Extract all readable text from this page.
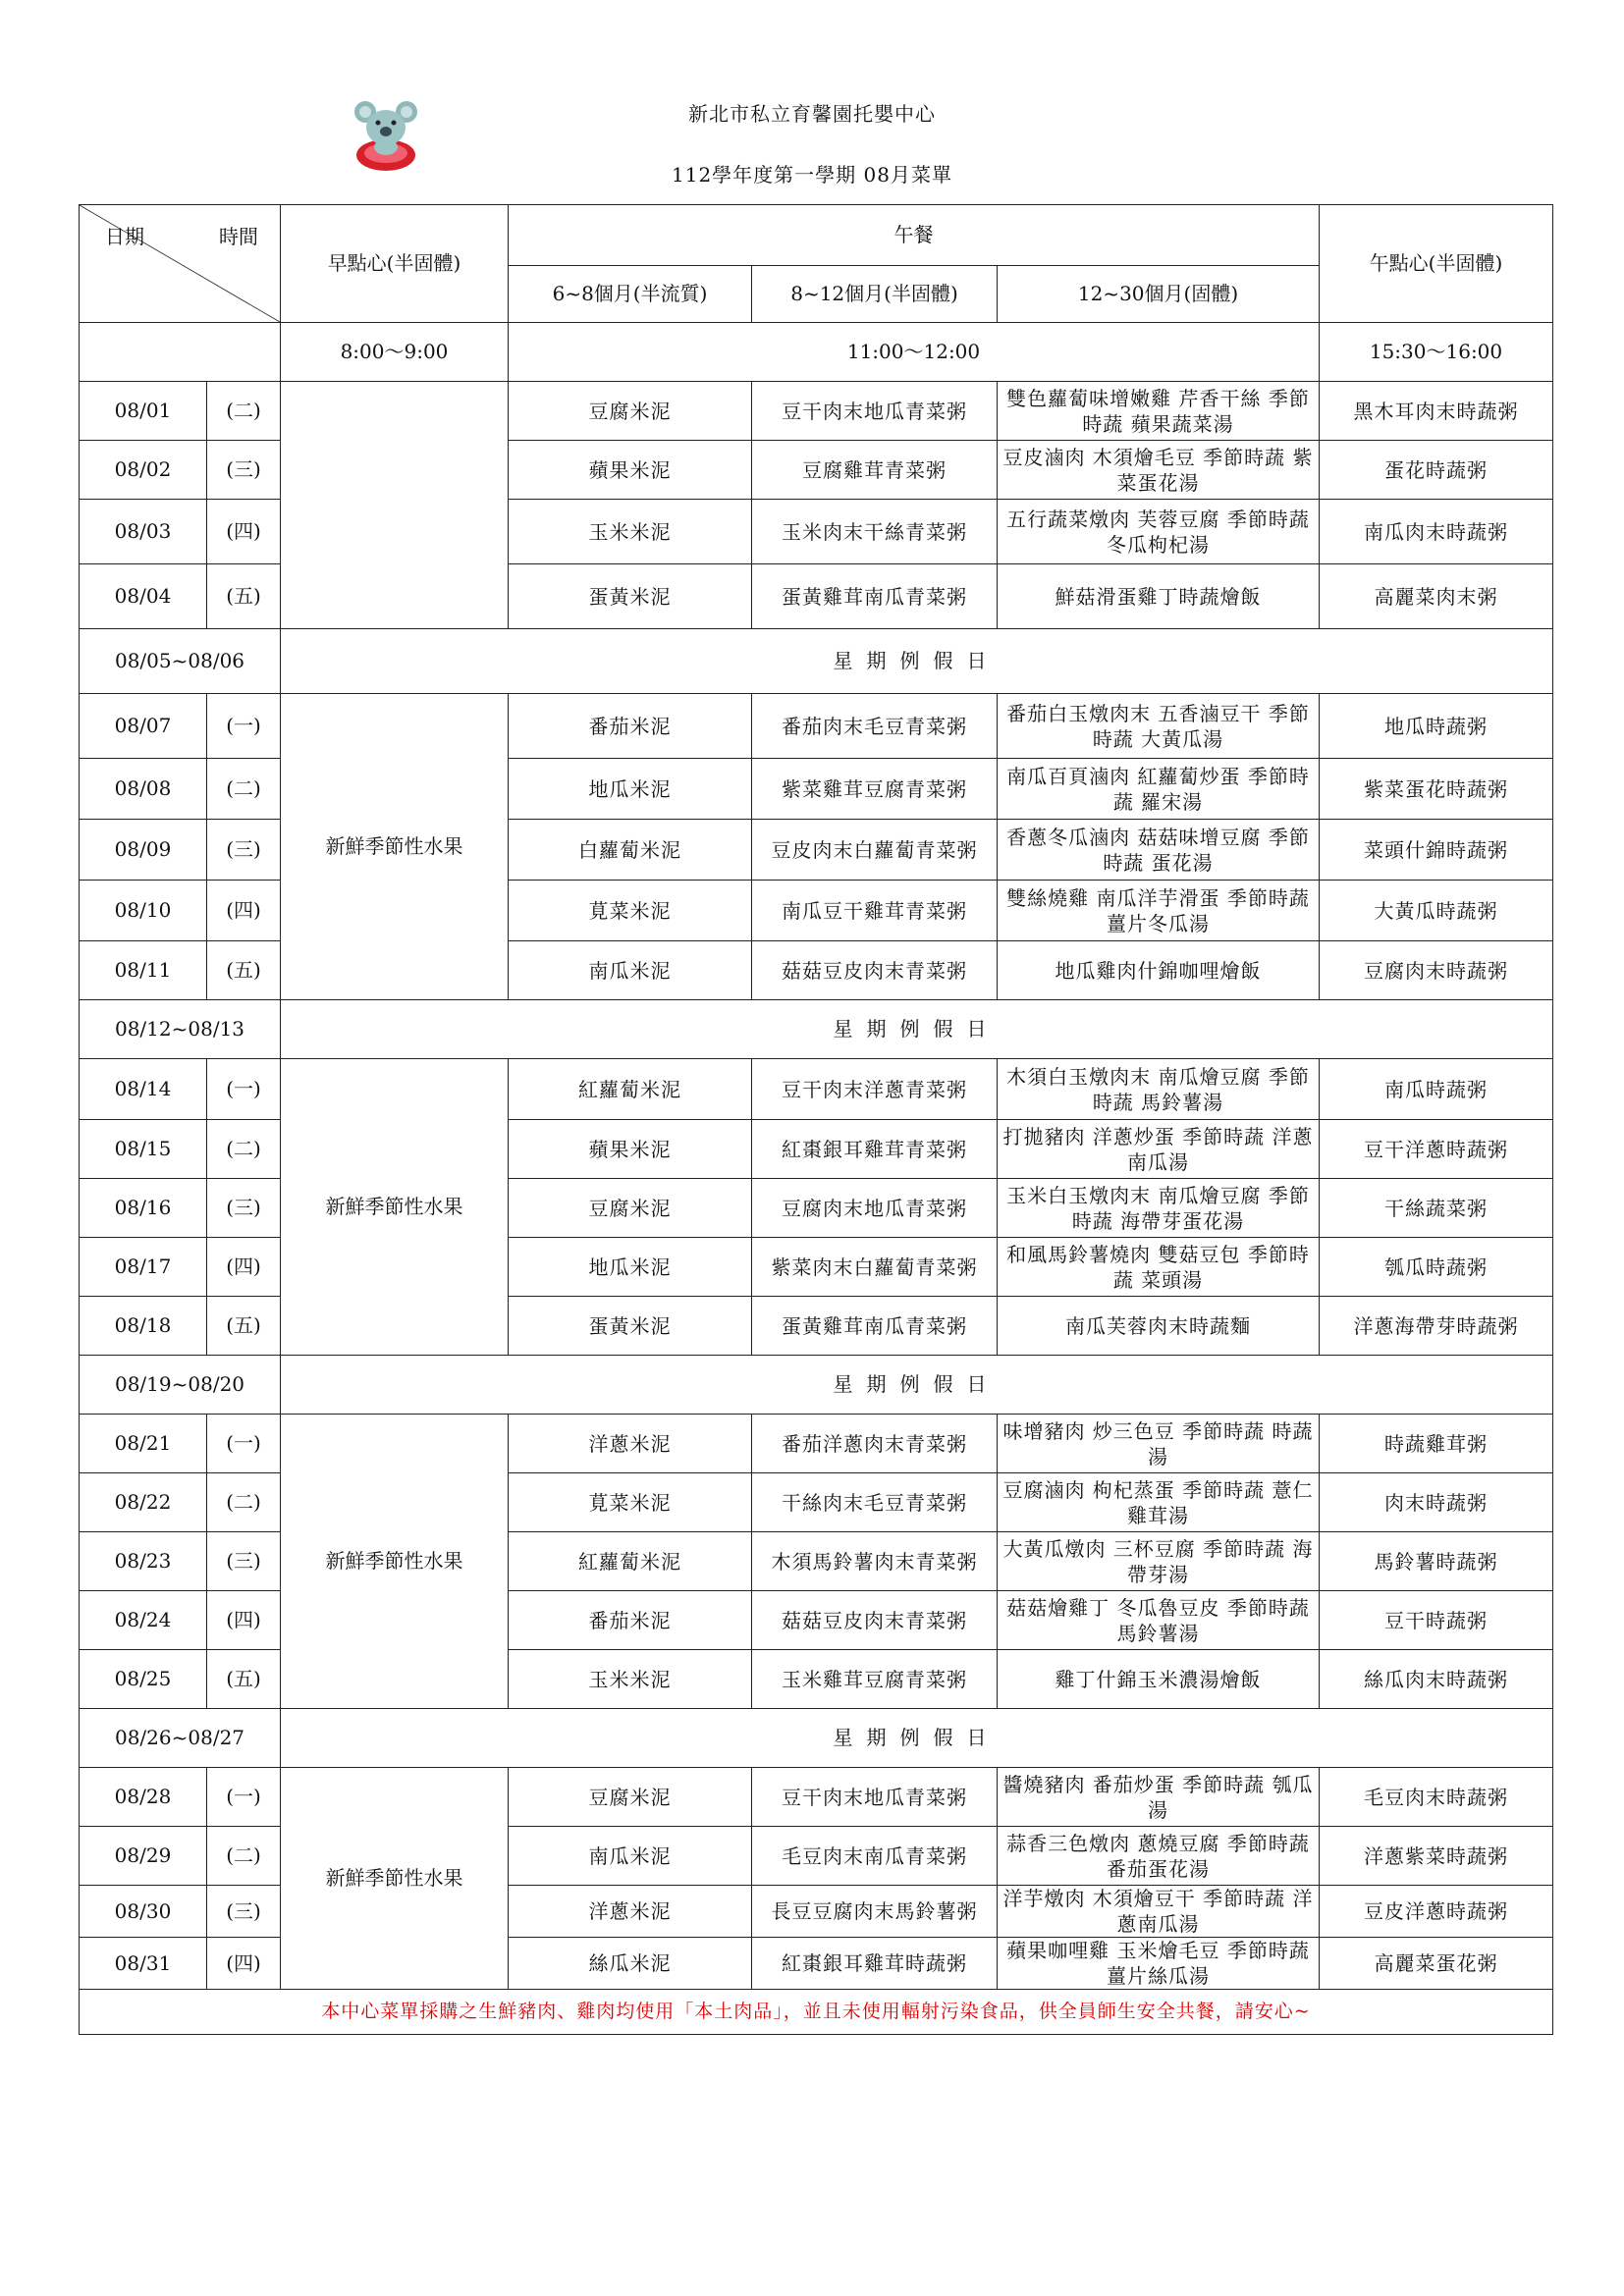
新北市私立育馨園托嬰中心
112學年度第一學期 08月菜單
日期 時間		早點心(半固體)	午餐			午點心(半固體)
			6~8個月(半流質)	8~12個月(半固體)	12~30個月(固體)	
		8:00～9:00	11:00～12:00			15:30～16:00
08/01	(二)		豆腐米泥	豆干肉末地瓜青菜粥	雙色蘿蔔味增嫩雞 芹香干絲 季節時蔬 蘋果蔬菜湯	黑木耳肉末時蔬粥
08/02	(三)		蘋果米泥	豆腐雞茸青菜粥	豆皮滷肉 木須燴毛豆 季節時蔬 紫菜蛋花湯	蛋花時蔬粥
08/03	(四)		玉米米泥	玉米肉末干絲青菜粥	五行蔬菜燉肉 芙蓉豆腐 季節時蔬 冬瓜枸杞湯	南瓜肉末時蔬粥
08/04	(五)		蛋黃米泥	蛋黃雞茸南瓜青菜粥	鮮菇滑蛋雞丁時蔬燴飯	高麗菜肉末粥
08/05~08/06		星期例假日				
08/07	(一)	新鮮季節性水果	番茄米泥	番茄肉末毛豆青菜粥	番茄白玉燉肉末 五香滷豆干 季節時蔬 大黃瓜湯	地瓜時蔬粥
08/08	(二)		地瓜米泥	紫菜雞茸豆腐青菜粥	南瓜百頁滷肉 紅蘿蔔炒蛋 季節時蔬 羅宋湯	紫菜蛋花時蔬粥
08/09	(三)		白蘿蔔米泥	豆皮肉末白蘿蔔青菜粥	香蔥冬瓜滷肉 菇菇味增豆腐 季節時蔬 蛋花湯	菜頭什錦時蔬粥
08/10	(四)		莧菜米泥	南瓜豆干雞茸青菜粥	雙絲燒雞 南瓜洋芋滑蛋 季節時蔬 薑片冬瓜湯	大黃瓜時蔬粥
08/11	(五)		南瓜米泥	菇菇豆皮肉末青菜粥	地瓜雞肉什錦咖哩燴飯	豆腐肉末時蔬粥
08/12~08/13		星期例假日				
08/14	(一)	新鮮季節性水果	紅蘿蔔米泥	豆干肉末洋蔥青菜粥	木須白玉燉肉末 南瓜燴豆腐 季節時蔬 馬鈴薯湯	南瓜時蔬粥
08/15	(二)		蘋果米泥	紅棗銀耳雞茸青菜粥	打拋豬肉 洋蔥炒蛋 季節時蔬 洋蔥南瓜湯	豆干洋蔥時蔬粥
08/16	(三)		豆腐米泥	豆腐肉末地瓜青菜粥	玉米白玉燉肉末 南瓜燴豆腐 季節時蔬 海帶芽蛋花湯	干絲蔬菜粥
08/17	(四)		地瓜米泥	紫菜肉末白蘿蔔青菜粥	和風馬鈴薯燒肉 雙菇豆包 季節時蔬 菜頭湯	瓠瓜時蔬粥
08/18	(五)		蛋黃米泥	蛋黃雞茸南瓜青菜粥	南瓜芙蓉肉末時蔬麵	洋蔥海帶芽時蔬粥
08/19~08/20		星期例假日				
08/21	(一)	新鮮季節性水果	洋蔥米泥	番茄洋蔥肉末青菜粥	味增豬肉 炒三色豆 季節時蔬 時蔬湯	時蔬雞茸粥
08/22	(二)		莧菜米泥	干絲肉末毛豆青菜粥	豆腐滷肉 枸杞蒸蛋 季節時蔬 薏仁雞茸湯	肉末時蔬粥
08/23	(三)		紅蘿蔔米泥	木須馬鈴薯肉末青菜粥	大黃瓜燉肉 三杯豆腐 季節時蔬 海帶芽湯	馬鈴薯時蔬粥
08/24	(四)		番茄米泥	菇菇豆皮肉末青菜粥	菇菇燴雞丁 冬瓜魯豆皮 季節時蔬 馬鈴薯湯	豆干時蔬粥
08/25	(五)		玉米米泥	玉米雞茸豆腐青菜粥	雞丁什錦玉米濃湯燴飯	絲瓜肉末時蔬粥
08/26~08/27		星期例假日				
08/28	(一)	新鮮季節性水果	豆腐米泥	豆干肉末地瓜青菜粥	醬燒豬肉 番茄炒蛋 季節時蔬 瓠瓜湯	毛豆肉末時蔬粥
08/29	(二)		南瓜米泥	毛豆肉末南瓜青菜粥	蒜香三色燉肉 蔥燒豆腐 季節時蔬 番茄蛋花湯	洋蔥紫菜時蔬粥
08/30	(三)		洋蔥米泥	長豆豆腐肉末馬鈴薯粥	洋芋燉肉 木須燴豆干 季節時蔬 洋蔥南瓜湯	豆皮洋蔥時蔬粥
08/31	(四)		絲瓜米泥	紅棗銀耳雞茸時蔬粥	蘋果咖哩雞 玉米燴毛豆 季節時蔬 薑片絲瓜湯	高麗菜蛋花粥
本中心菜單採購之生鮮豬肉、雞肉均使用「本土肉品」，並且未使用輻射污染食品，供全員師生安全共餐，請安心~						
